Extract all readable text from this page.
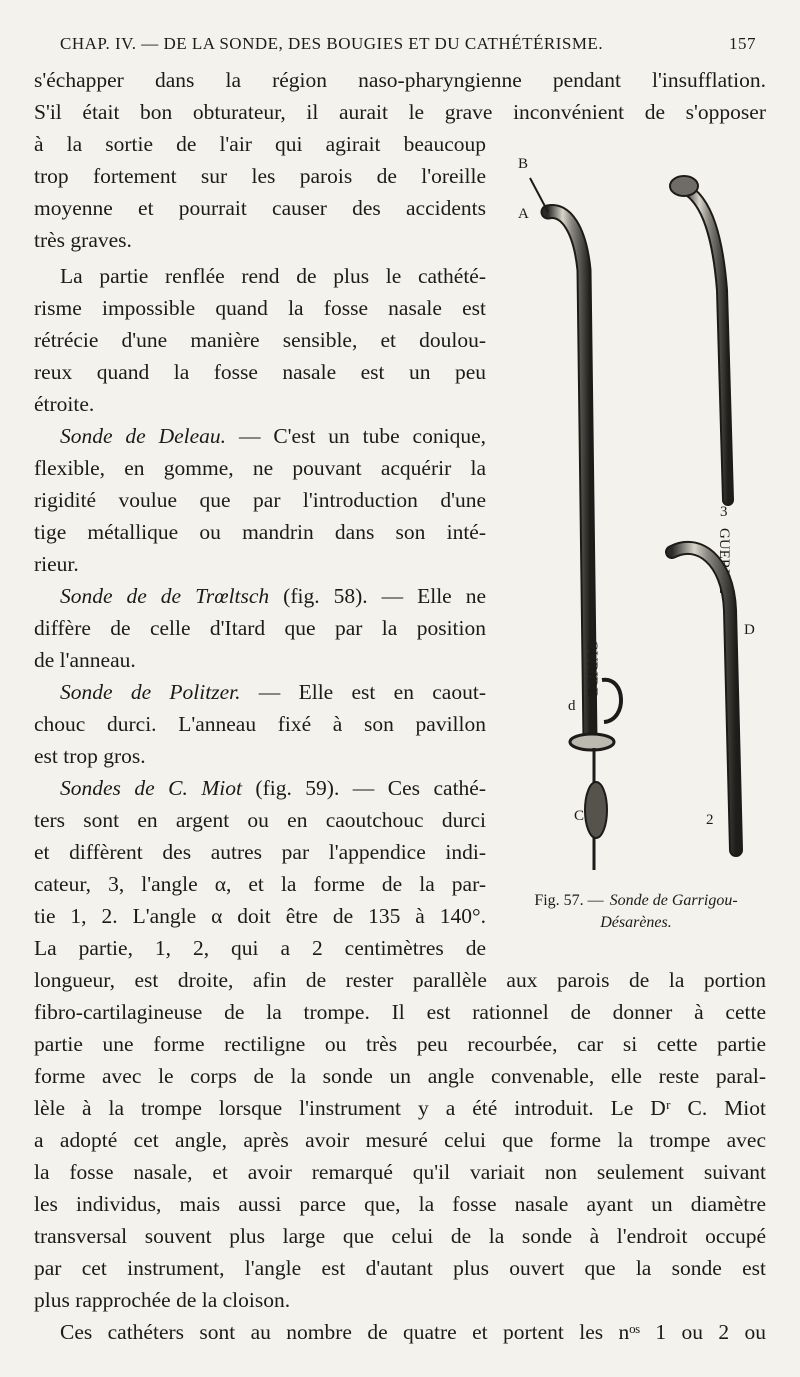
CHAP. IV. — DE LA SONDE, DES BOUGIES ET DU CATHÉTÉRISME.	157
s'échapper dans la région naso-pharyngienne pendant l'insufflation.
S'il était bon obturateur, il aurait le grave inconvénient de s'opposer
à la sortie de l'air qui agirait beaucoup
trop fortement sur les parois de l'oreille
moyenne et pourrait causer des accidents
très graves.
La partie renflée rend de plus le cathété-
risme impossible quand la fosse nasale est
rétrécie d'une manière sensible, et doulou-
reux quand la fosse nasale est un peu
étroite.
Sonde de Deleau. — C'est un tube conique,
flexible, en gomme, ne pouvant acquérir la
rigidité voulue que par l'introduction d'une
tige métallique ou mandrin dans son inté-
rieur.
Sonde de de Trœltsch (fig. 58). — Elle ne
diffère de celle d'Itard que par la position
de l'anneau.
Sonde de Politzer. — Elle est en caout-
chouc durci. L'anneau fixé à son pavillon
est trop gros.
Sondes de C. Miot (fig. 59). — Ces cathé-
ters sont en argent ou en caoutchouc durci
et diffèrent des autres par l'appendice indi-
cateur, 3, l'angle α, et la forme de la par-
tie 1, 2. L'angle α doit être de 135 à 140°.
La partie, 1, 2, qui a 2 centimètres de
longueur, est droite, afin de rester parallèle aux parois de la portion
fibro-cartilagineuse de la trompe. Il est rationnel de donner à cette
partie une forme rectiligne ou très peu recourbée, car si cette partie
forme avec le corps de la sonde un angle convenable, elle reste paral-
lèle à la trompe lorsque l'instrument y a été introduit. Le Dʳ C. Miot
a adopté cet angle, après avoir mesuré celui que forme la trompe avec
la fosse nasale, et avoir remarqué qu'il variait non seulement suivant
les individus, mais aussi parce que, la fosse nasale ayant un diamètre
transversal souvent plus large que celui de la sonde à l'endroit occupé
par cet instrument, l'angle est d'autant plus ouvert que la sonde est
plus rapprochée de la cloison.
Ces cathéters sont au nombre de quatre et portent les nᵒˢ 1 ou 2 ou
GURIDE
A
B
C
d
3
GUERIDE
D
2
Fig. 57. — Sonde de Garrigou-Désarènes.
